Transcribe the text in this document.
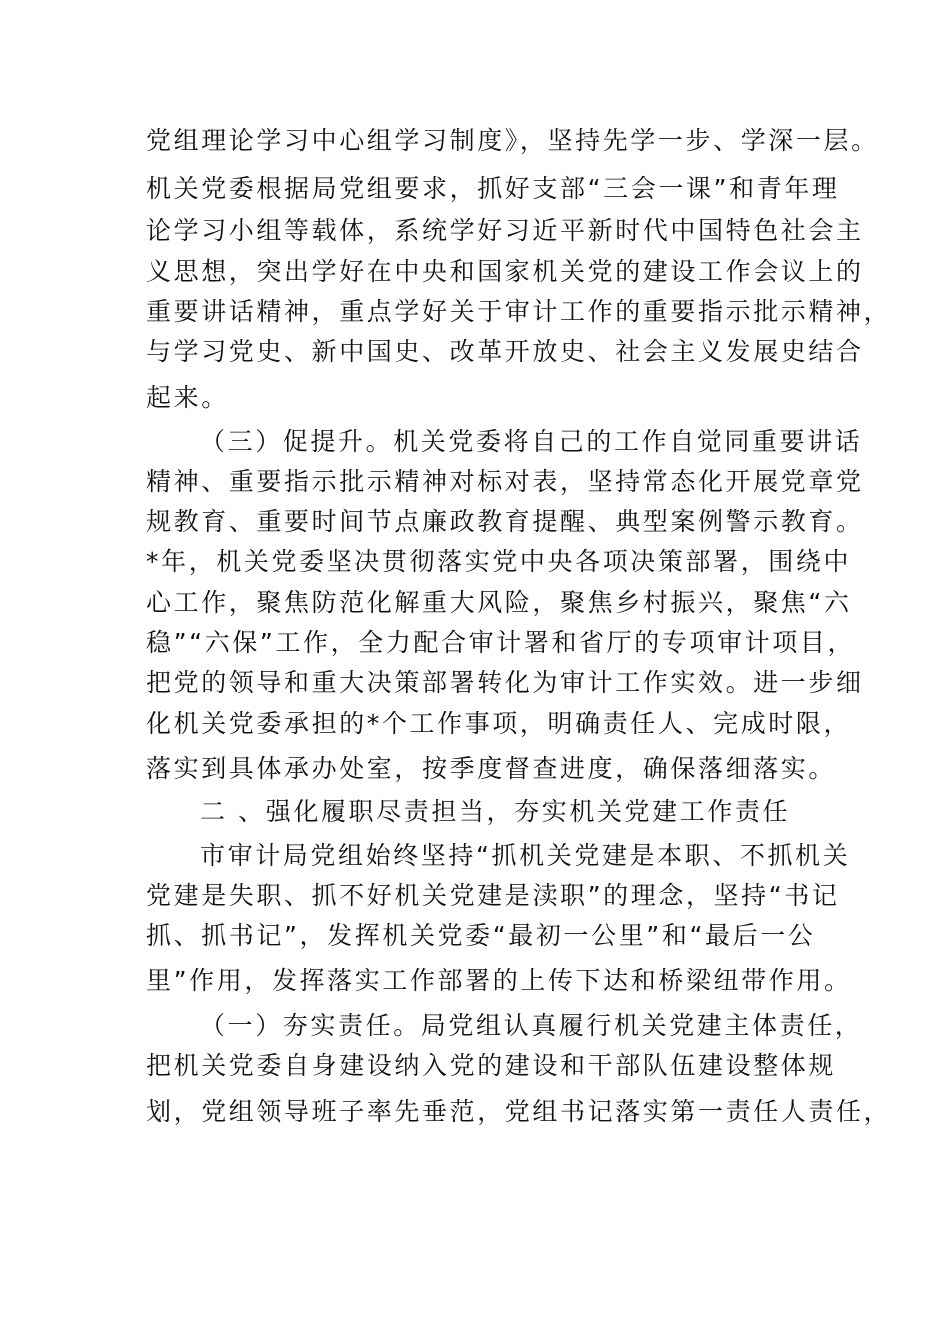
党组理论学习中心组学习制度》，坚持先学一步、学深一层。
机关党委根据局党组要求，抓好支部“三会一课”和青年理
论学习小组等载体，系统学好习近平新时代中国特色社会主
义思想，突出学好在中央和国家机关党的建设工作会议上的
重要讲话精神，重点学好关于审计工作的重要指示批示精神，
与学习党史、新中国史、改革开放史、社会主义发展史结合
起来。
（三）促提升。机关党委将自己的工作自觉同重要讲话
精神、重要指示批示精神对标对表，坚持常态化开展党章党
规教育、重要时间节点廉政教育提醒、典型案例警示教育。
*年，机关党委坚决贯彻落实党中央各项决策部署，围绕中
心工作，聚焦防范化解重大风险，聚焦乡村振兴，聚焦“六
稳”“六保”工作，全力配合审计署和省厅的专项审计项目，
把党的领导和重大决策部署转化为审计工作实效。进一步细
化机关党委承担的*个工作事项，明确责任人、完成时限，
落实到具体承办处室，按季度督查进度，确保落细落实。
二 、强化履职尽责担当，夯实机关党建工作责任
市审计局党组始终坚持“抓机关党建是本职、不抓机关
党建是失职、抓不好机关党建是渎职”的理念，坚持“书记
抓、抓书记”，发挥机关党委“最初一公里”和“最后一公
里”作用，发挥落实工作部署的上传下达和桥梁纽带作用。
（一）夯实责任。局党组认真履行机关党建主体责任，
把机关党委自身建设纳入党的建设和干部队伍建设整体规
划，党组领导班子率先垂范，党组书记落实第一责任人责任，
